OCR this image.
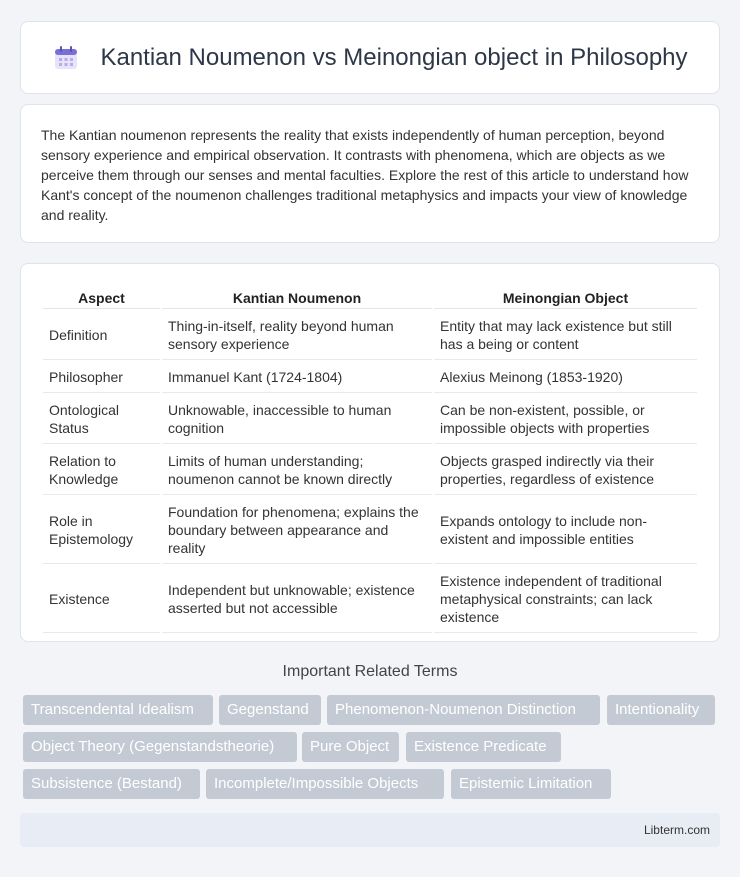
Kantian Noumenon vs Meinongian object in Philosophy

The Kantian noumenon represents the reality that exists independently of human perception, beyond sensory experience and empirical observation. It contrasts with phenomena, which are objects as we perceive them through our senses and mental faculties. Explore the rest of this article to understand how Kant's concept of the noumenon challenges traditional metaphysics and impacts your view of knowledge and reality.

Aspect	Kantian Noumenon	Meinongian Object
Definition	Thing-in-itself, reality beyond human sensory experience	Entity that may lack existence but still has a being or content
Philosopher	Immanuel Kant (1724-1804)	Alexius Meinong (1853-1920)
Ontological Status	Unknowable, inaccessible to human cognition	Can be non-existent, possible, or impossible objects with properties
Relation to Knowledge	Limits of human understanding; noumenon cannot be known directly	Objects grasped indirectly via their properties, regardless of existence
Role in Epistemology	Foundation for phenomena; explains the boundary between appearance and reality	Expands ontology to include non-existent and impossible entities
Existence	Independent but unknowable; existence asserted but not accessible	Existence independent of traditional metaphysical constraints; can lack existence
Important Related Terms
Transcendental Idealism	Gegenstand	Phenomenon-Noumenon Distinction	Intentionality
Object Theory (Gegenstandstheorie)	Pure Object	Existence Predicate
Subsistence (Bestand)	Incomplete/Impossible Objects	Epistemic Limitation
Libterm.com
